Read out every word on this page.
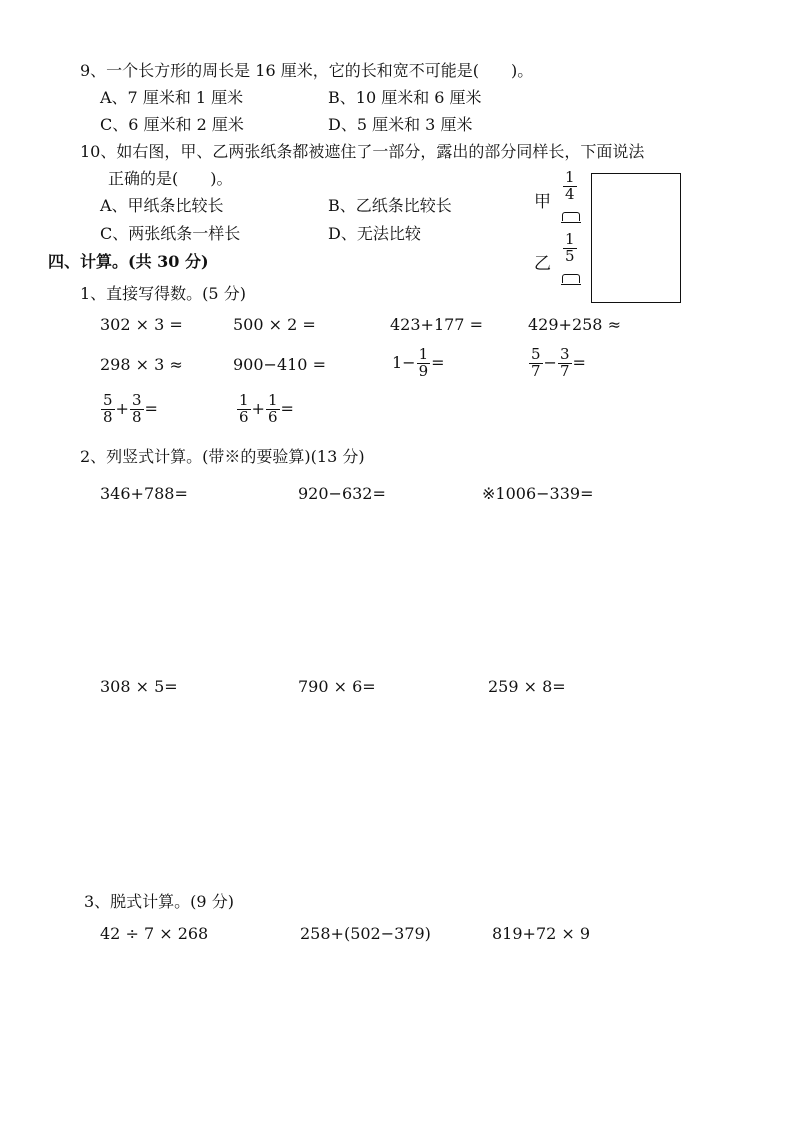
9、一个长方形的周长是 16 厘米，它的长和宽不可能是(　　)。
A、7 厘米和 1 厘米	B、10 厘米和 6 厘米
C、6 厘米和 2 厘米	D、5 厘米和 3 厘米
10、如右图，甲、乙两张纸条都被遮住了一部分，露出的部分同样长，下面说法
正确的是(　　)。
A、甲纸条比较长	B、乙纸条比较长
C、两张纸条一样长	D、无法比较
甲 $\frac{1}{4}$
乙 $\frac{1}{5}$
四、计算。(共 30 分)
1、直接写得数。(5 分)
302 × 3 =	500 × 2 =	423+177 =	429+258 ≈
298 × 3 ≈	900−410 =	$1- \frac{1}{9}$ =	$\frac{5}{7} - \frac{3}{7}$ =
$\frac{5}{8} + \frac{3}{8}$ =	$\frac{1}{6} + \frac{1}{6}$ =
2、列竖式计算。(带※的要验算)(13 分)
346+788=	920−632=	※1006−339=
308 × 5=	790 × 6=	259 × 8=
3、脱式计算。(9 分)
42 ÷ 7 × 268	258+(502−379)	819+72 × 9
